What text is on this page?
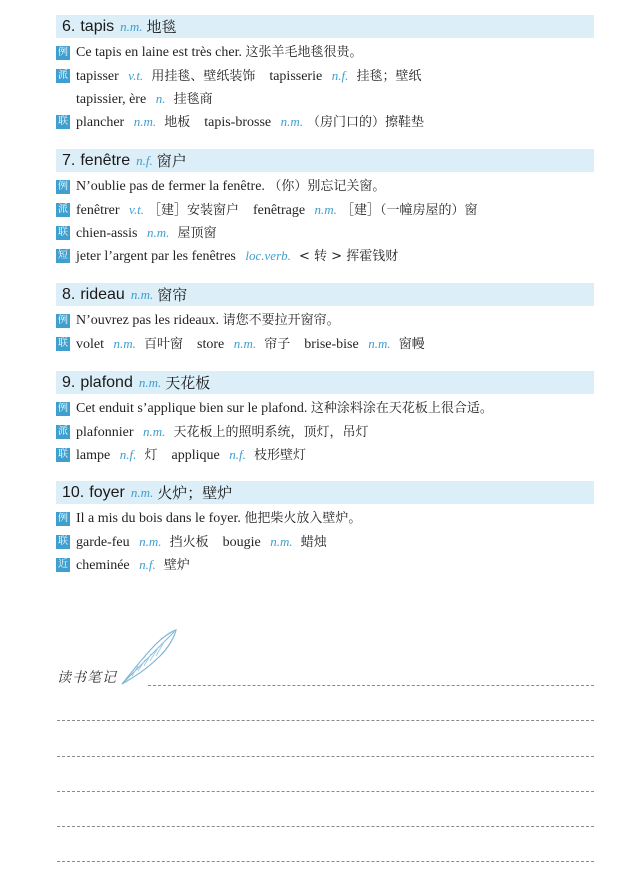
6. tapis n.m. 地毯
例 Ce tapis en laine est très cher. 这张羊毛地毯很贵。
派 tapisser v.t. 用挂毯、壁纸装饰 tapisserie n.f. 挂毯；壁纸
tapissier, ère n. 挂毯商
联 plancher n.m. 地板 tapis-brosse n.m. （房门口的）擦鞋垫
7. fenêtre n.f. 窗户
例 N’oublie pas de fermer la fenêtre. （你）别忘记关窗。
派 fenêtrer v.t. ［建］安装窗户 fenêtrage n.m. ［建］（一幢房屋的）窗
联 chien-assis n.m. 屋顶窗
短 jeter l’argent par les fenêtres loc.verb. < 转 > 挥霍钱财
8. rideau n.m. 窗帘
例 N’ouvrez pas les rideaux. 请您不要拉开窗帘。
联 volet n.m. 百叶窗 store n.m. 帘子 brise-bise n.m. 窗幔
9. plafond n.m. 天花板
例 Cet enduit s’applique bien sur le plafond. 这种涂料涂在天花板上很合适。
派 plafonnier n.m. 天花板上的照明系统，顶灯，吊灯
联 lampe n.f. 灯 applique n.f. 枝形壁灯
10. foyer n.m. 火炉；壁炉
例 Il a mis du bois dans le foyer. 他把柴火放入壁炉。
联 garde-feu n.m. 挡火板 bougie n.m. 蜡烛
近 cheminée n.f. 壁炉
读书笔记
